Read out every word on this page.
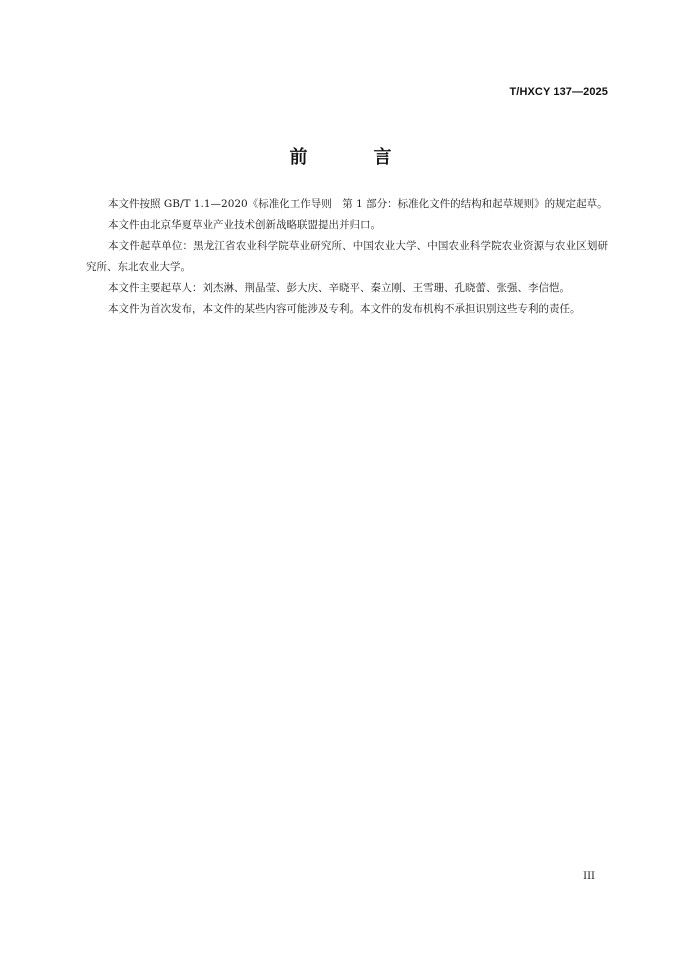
T/HXCY 137—2025
前　言

本文件按照 GB/T 1.1—2020《标准化工作导则　第 1 部分：标准化文件的结构和起草规则》的规定起草。

本文件由北京华夏草业产业技术创新战略联盟提出并归口。

本文件起草单位：黑龙江省农业科学院草业研究所、中国农业大学、中国农业科学院农业资源与农业区划研究所、东北农业大学。

本文件主要起草人：刘杰淋、荆晶莹、彭大庆、辛晓平、秦立刚、王雪珊、孔晓蕾、张强、李信恺。

本文件为首次发布，本文件的某些内容可能涉及专利。本文件的发布机构不承担识别这些专利的责任。

III
